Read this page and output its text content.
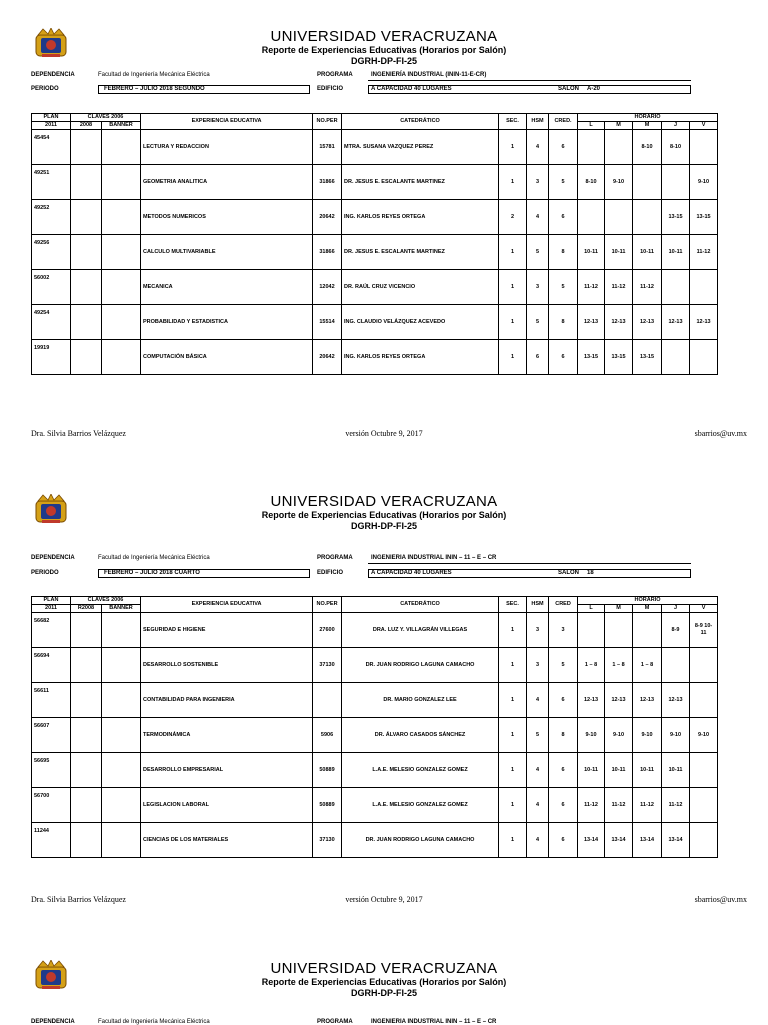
UNIVERSIDAD VERACRUZANA
Reporte de Experiencias Educativas (Horarios por Salón)
DGRH-DP-FI-25
DEPENDENCIA	Facultad de Ingeniería Mecánica Eléctrica	PROGRAMA	INGENIERÍA INDUSTRIAL (ININ-11-E-CR)
PERIODO	FEBRERO – JULIO 2018 SEGUNDO	EDIFICIO	A CAPACIDAD 40 LUGARES	SALON A-20
PLAN	CLAVES 2006		EXPERIENCIA EDUCATIVA	NO.PER	CATEDRÁTICO	SEC.	HSM	CRED.	HORARIO				
2011	2008	BANNER							L	M	M	J	V
45454			LECTURA Y REDACCION	15781	MTRA. SUSANA VAZQUEZ PEREZ	1	4	6			8-10	8-10	
49251			GEOMETRIA ANALITICA	31866	DR. JESUS E. ESCALANTE MARTINEZ	1	3	5	8-10	9-10			9-10
49252			METODOS NUMERICOS	20642	ING. KARLOS REYES ORTEGA	2	4	6				13-15	13-15
49256			CALCULO MULTIVARIABLE	31866	DR. JESUS E. ESCALANTE MARTINEZ	1	5	8	10-11	10-11	10-11	10-11	11-12
56002			MECANICA	12042	DR. RAÚL CRUZ VICENCIO	1	3	5	11-12	11-12	11-12		
49254			PROBABILIDAD Y ESTADISTICA	15514	ING. CLAUDIO VELÁZQUEZ ACEVEDO	1	5	8	12-13	12-13	12-13	12-13	12-13
19919			COMPUTACIÓN BÁSICA	20642	ING. KARLOS REYES ORTEGA	1	6	6	13-15	13-15	13-15		
Dra. Silvia Barrios Velázquez	versión Octubre 9, 2017	sbarrios@uv.mx
UNIVERSIDAD VERACRUZANA
Reporte de Experiencias Educativas (Horarios por Salón)
DGRH-DP-FI-25
DEPENDENCIA	Facultad de Ingeniería Mecánica Eléctrica	PROGRAMA	INGENIERIA INDUSTRIAL ININ – 11 – E – CR
PERIODO	FEBRERO – JULIO 2018 CUARTO	EDIFICIO	A CAPACIDAD 40 LUGARES	SALON 18
PLAN	CLAVES 2006		EXPERIENCIA EDUCATIVA	NO.PER	CATEDRÁTICO	SEC.	HSM	CRED	HORARIO				
2011	R2008	BANNER							L	M	M	J	V
56682			SEGURIDAD E HIGIENE	27600	DRA. LUZ Y. VILLAGRÁN VILLEGAS	1	3	3				8-9	8-9 10-11
56694			DESARROLLO SOSTENIBLE	37130	DR. JUAN RODRIGO LAGUNA CAMACHO	1	3	5	1 – 8	1 – 8	1 – 8		
56611			CONTABILIDAD PARA INGENIERIA		DR. MARIO GONZALEZ LEE	1	4	6	12-13	12-13	12-13	12-13	
56607			TERMODINÁMICA	5906	DR. ÁLVARO CASADOS SÁNCHEZ	1	5	8	9-10	9-10	9-10	9-10	9-10
56695			DESARROLLO EMPRESARIAL	50889	L.A.E. MELESIO GONZALEZ GOMEZ	1	4	6	10-11	10-11	10-11	10-11	
56700			LEGISLACION LABORAL	50889	L.A.E. MELESIO GONZALEZ GOMEZ	1	4	6	11-12	11-12	11-12	11-12	
11244			CIENCIAS DE LOS MATERIALES	37130	DR. JUAN RODRIGO LAGUNA CAMACHO	1	4	6	13-14	13-14	13-14	13-14	
Dra. Silvia Barrios Velázquez	versión Octubre 9, 2017	sbarrios@uv.mx
UNIVERSIDAD VERACRUZANA
Reporte de Experiencias Educativas (Horarios por Salón)
DGRH-DP-FI-25
DEPENDENCIA	Facultad de Ingeniería Mecánica Eléctrica	PROGRAMA	INGENIERIA INDUSTRIAL ININ – 11 – E – CR
